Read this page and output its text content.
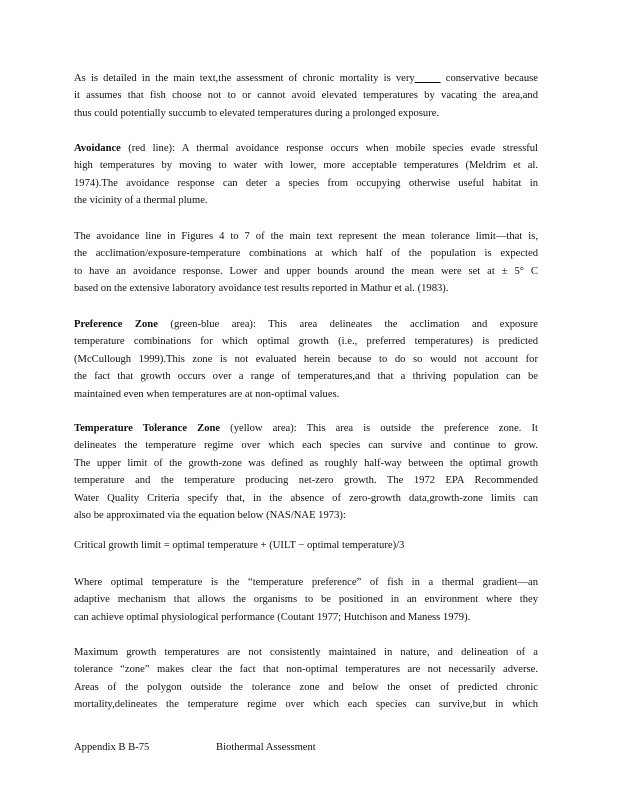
As is detailed in the main text,the assessment of chronic mortality is very	conservative because
it assumes that fish choose not to or cannot avoid elevated temperatures by vacating the area,and
thus could potentially succumb to elevated temperatures during a prolonged exposure.
Avoidance (red line): A thermal avoidance response occurs when mobile species evade stressful
high temperatures by moving to water with lower, more acceptable temperatures (Meldrim et al.
1974).The avoidance response can deter a species from occupying otherwise useful habitat in
the vicinity of a thermal plume.
The avoidance line in Figures 4 to 7 of the main text represent the mean tolerance limit—that is,
the acclimation/exposure-temperature combinations at which half of the population is expected
to have an avoidance response. Lower and upper bounds around the mean were set at ± 5° C
based on the extensive laboratory avoidance test results reported in Mathur et al. (1983).
Preference Zone (green-blue area): This area delineates the acclimation and exposure
temperature combinations for which optimal growth (i.e., preferred temperatures) is predicted
(McCullough 1999).This zone is not evaluated herein because to do so would not account for
the fact that growth occurs over a range of temperatures,and that a thriving population can be
maintained even when temperatures are at non-optimal values.
Temperature Tolerance Zone (yellow area): This area is outside the preference zone. It
delineates the temperature regime over which each species can survive and continue to grow.
The upper limit of the growth-zone was defined as roughly half-way between the optimal growth
temperature and the temperature producing net-zero growth. The 1972 EPA Recommended
Water Quality Criteria specify that, in the absence of zero-growth data,growth-zone limits can
also be approximated via the equation below (NAS/NAE 1973):
Critical growth limit = optimal temperature + (UILT − optimal temperature)/3
Where optimal temperature is the “temperature preference” of fish in a thermal gradient—an
adaptive mechanism that allows the organisms to be positioned in an environment where they
can achieve optimal physiological performance (Coutant 1977; Hutchison and Maness 1979).
Maximum growth temperatures are not consistently maintained in nature, and delineation of a
tolerance “zone” makes clear the fact that non-optimal temperatures are not necessarily adverse.
Areas of the polygon outside the tolerance zone and below the onset of predicted chronic
mortality,delineates the temperature regime over which each species can survive,but in which
Appendix B B-75	Biothermal Assessment
